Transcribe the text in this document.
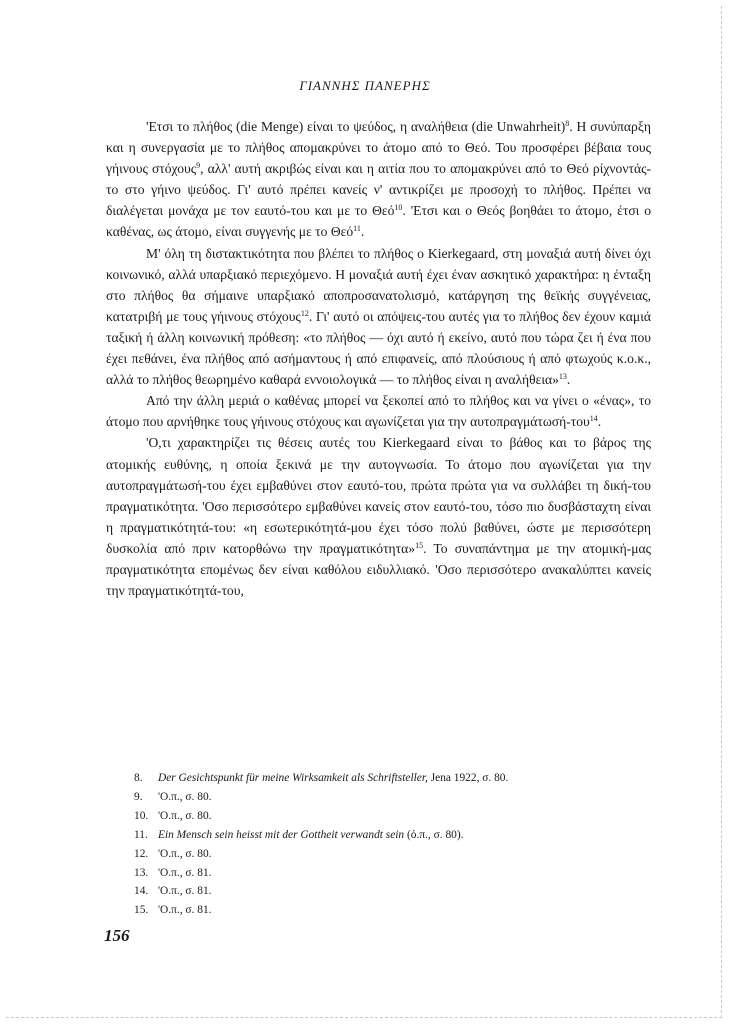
ΓΙΑΝΝΗΣ ΠΑΝΕΡΗΣ

'Ετσι το πλήθος (die Menge) είναι το ψεύδος, η αναλήθεια (die Unwahrheit)$^8$. Η συνύπαρξη και η συνεργασία με το πλήθος απομακρύνει το άτομο από το Θεό. Του προσφέρει βέβαια τους γήινους στόχους$^9$, αλλ' αυτή ακριβώς είναι και η αιτία που το απομακρύνει από το Θεό ρίχνοντάς-το στο γήινο ψεύδος. Γι' αυτό πρέπει κανείς ν' αντικρίζει με προσοχή το πλήθος. Πρέπει να διαλέγεται μονάχα με τον εαυτό-του και με το Θεό$^{10}$. 'Ετσι και ο Θεός βοηθάει το άτομο, έτσι ο καθένας, ως άτομο, είναι συγγενής με το Θεό$^{11}$.

Μ' όλη τη διστακτικότητα που βλέπει το πλήθος ο Kierkegaard, στη μοναξιά αυτή δίνει όχι κοινωνικό, αλλά υπαρξιακό περιεχόμενο. Η μοναξιά αυτή έχει έναν ασκητικό χαρακτήρα: η ένταξη στο πλήθος θα σήμαινε υπαρξιακό αποπροσανατολισμό, κατάργηση της θεϊκής συγγένειας, κατατριβή με τους γήινους στόχους$^{12}$. Γι' αυτό οι απόψεις-του αυτές για το πλήθος δεν έχουν καμιά ταξική ή άλλη κοινωνική πρόθεση: «το πλήθος — όχι αυτό ή εκείνο, αυτό που τώρα ζει ή ένα που έχει πεθάνει, ένα πλήθος από ασήμαντους ή από επιφανείς, από πλούσιους ή από φτωχούς κ.ο.κ., αλλά το πλήθος θεωρημένο καθαρά εννοιολογικά — το πλήθος είναι η αναλήθεια»$^{13}$.

Από την άλλη μεριά ο καθένας μπορεί να ξεκοπεί από το πλήθος και να γίνει ο «ένας», το άτομο που αρνήθηκε τους γήινους στόχους και αγωνίζεται για την αυτοπραγμάτωσή-του$^{14}$.

'Ο,τι χαρακτηρίζει τις θέσεις αυτές του Kierkegaard είναι το βάθος και το βάρος της ατομικής ευθύνης, η οποία ξεκινά με την αυτογνωσία. Το άτομο που αγωνίζεται για την αυτοπραγμάτωσή-του έχει εμβαθύνει στον εαυτό-του, πρώτα πρώτα για να συλλάβει τη δική-του πραγματικότητα. 'Οσο περισσότερο εμβαθύνει κανείς στον εαυτό-του, τόσο πιο δυσβάσταχτη είναι η πραγματικότητά-του: «η εσωτερικότητά-μου έχει τόσο πολύ βαθύνει, ώστε με περισσότερη δυσκολία από πριν κατορθώνω την πραγματικότητα»$^{15}$. Το συναπάντημα με την ατομική-μας πραγματικότητα επομένως δεν είναι καθόλου ειδυλλιακό. 'Οσο περισσότερο ανακαλύπτει κανείς την πραγματικότητά-του,

8. Der Gesichtspunkt für meine Wirksamkeit als Schriftsteller, Jena 1922, σ. 80.
9. 'Ο.π., σ. 80.
10. 'Ο.π., σ. 80.
11. Ein Mensch sein heisst mit der Gottheit verwandt sein (ό.π., σ. 80).
12. 'Ο.π., σ. 80.
13. 'Ο.π., σ. 81.
14. 'Ο.π., σ. 81.
15. 'Ο.π., σ. 81.
156
